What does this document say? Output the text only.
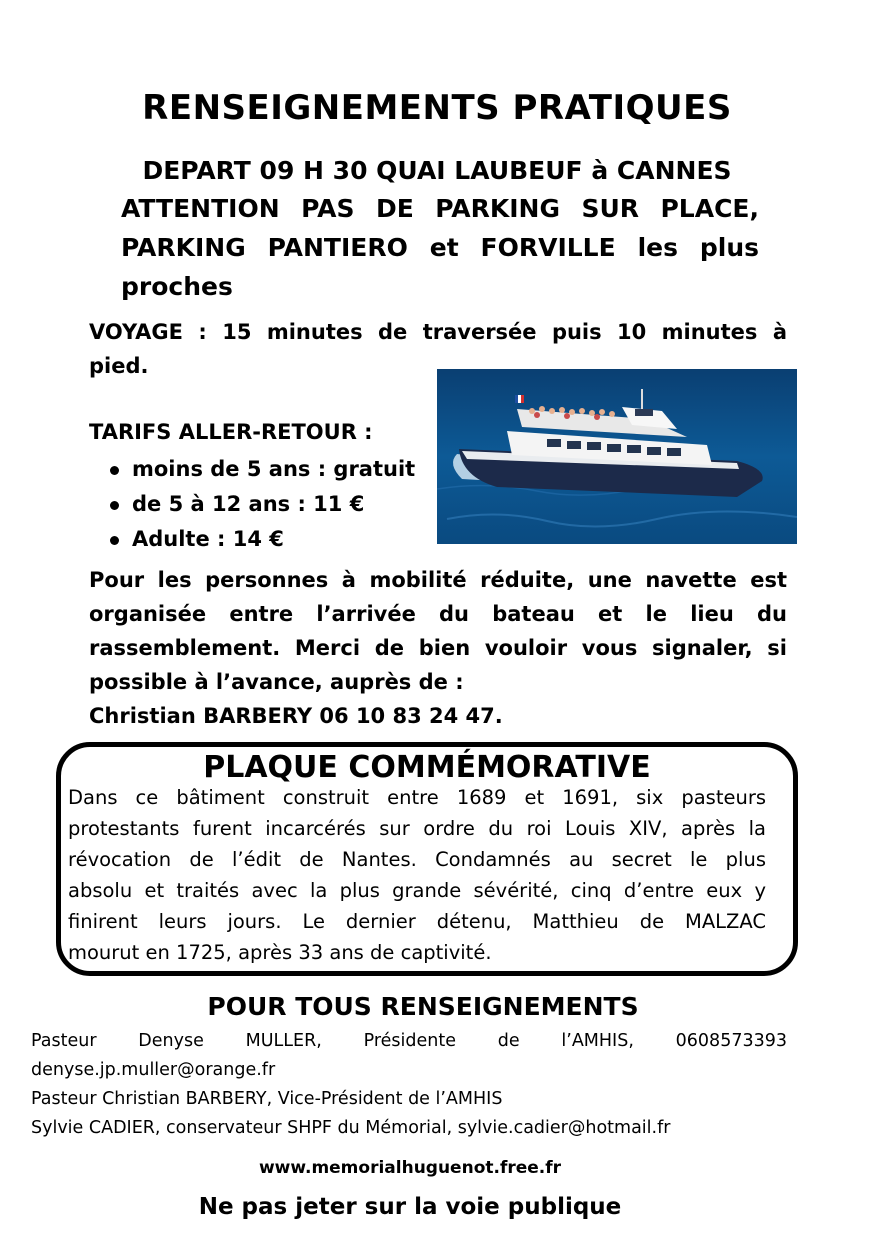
RENSEIGNEMENTS PRATIQUES
DEPART 09 H 30 QUAI LAUBEUF à CANNES
ATTENTION PAS DE PARKING SUR PLACE,
PARKING PANTIERO et FORVILLE les plus
proches
VOYAGE : 15 minutes de traversée puis 10 minutes à
pied.
TARIFS ALLER-RETOUR :
moins de 5 ans : gratuit
de 5 à 12 ans : 11 €
Adulte : 14 €
Pour les personnes à mobilité réduite, une navette est
organisée entre l’arrivée du bateau et le lieu du
rassemblement. Merci de bien vouloir vous signaler, si
possible à l’avance, auprès de :
Christian BARBERY 06 10 83 24 47.
PLAQUE COMMÉMORATIVE
Dans ce bâtiment construit entre 1689 et 1691, six pasteurs
protestants furent incarcérés sur ordre du roi Louis XIV, après la
révocation de l’édit de Nantes. Condamnés au secret le plus
absolu et traités avec la plus grande sévérité, cinq d’entre eux y
finirent leurs jours. Le dernier détenu, Matthieu de MALZAC
mourut en 1725, après 33 ans de captivité.
POUR TOUS RENSEIGNEMENTS
Pasteur Denyse MULLER, Présidente de l’AMHIS, 0608573393
denyse.jp.muller@orange.fr
Pasteur Christian BARBERY, Vice-Président de l’AMHIS
Sylvie CADIER, conservateur SHPF du Mémorial, sylvie.cadier@hotmail.fr
www.memorialhuguenot.free.fr
Ne pas jeter sur la voie publique
